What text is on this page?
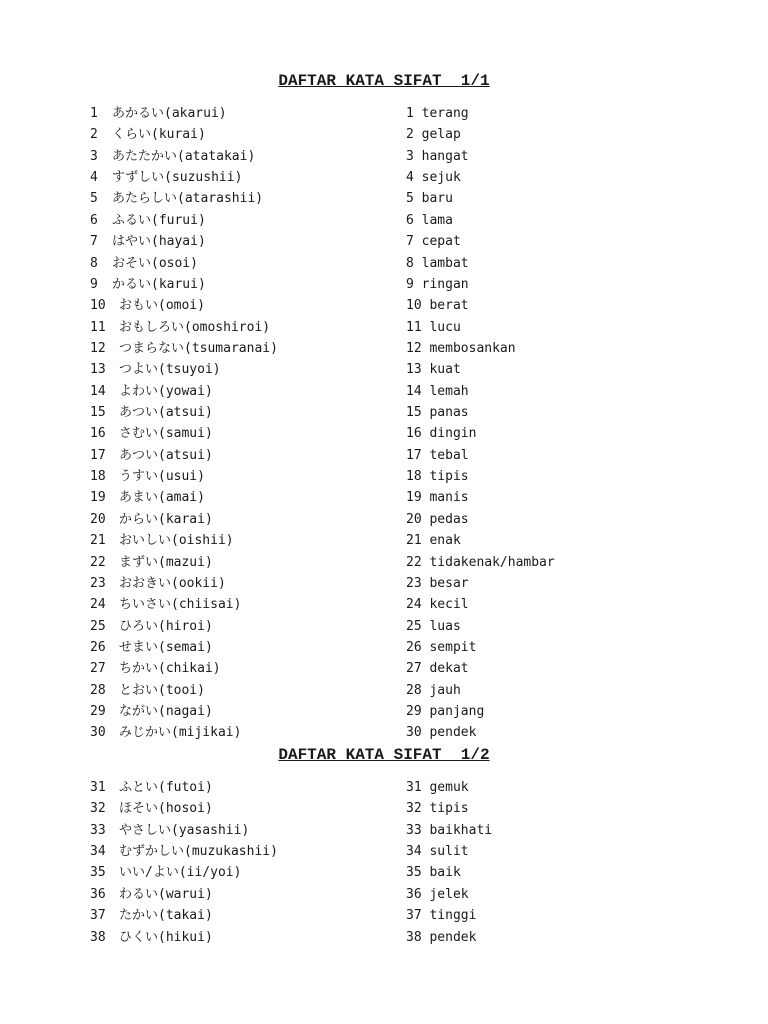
DAFTAR KATA SIFAT  1/1
1 あかるい(akarui)	1 terang
2 くらい(kurai)	2 gelap
3 あたたかい(atatakai)	3 hangat
4 すずしい(suzushii)	4 sejuk
5 あたらしい(atarashii)	5 baru
6 ふるい(furui)	6 lama
7 はやい(hayai)	7 cepat
8 おそい(osoi)	8 lambat
9 かるい(karui)	9 ringan
10 おもい(omoi)	10 berat
11 おもしろい(omoshiroi)	11 lucu
12 つまらない(tsumaranai)	12 membosankan
13 つよい(tsuyoi)	13 kuat
14 よわい(yowai)	14 lemah
15 あつい(atsui)	15 panas
16 さむい(samui)	16 dingin
17 あつい(atsui)	17 tebal
18 うすい(usui)	18 tipis
19 あまい(amai)	19 manis
20 からい(karai)	20 pedas
21 おいしい(oishii)	21 enak
22 まずい(mazui)	22 tidakenak/hambar
23 おおきい(ookii)	23 besar
24 ちいさい(chiisai)	24 kecil
25 ひろい(hiroi)	25 luas
26 せまい(semai)	26 sempit
27 ちかい(chikai)	27 dekat
28 とおい(tooi)	28 jauh
29 ながい(nagai)	29 panjang
30 みじかい(mijikai)	30 pendek
DAFTAR KATA SIFAT  1/2
31 ふとい(futoi)	31 gemuk
32 ほそい(hosoi)	32 tipis
33 やさしい(yasashii)	33 baikhati
34 むずかしい(muzukashii)	34 sulit
35 いい/よい(ii/yoi)	35 baik
36 わるい(warui)	36 jelek
37 たかい(takai)	37 tinggi
38 ひくい(hikui)	38 pendek
